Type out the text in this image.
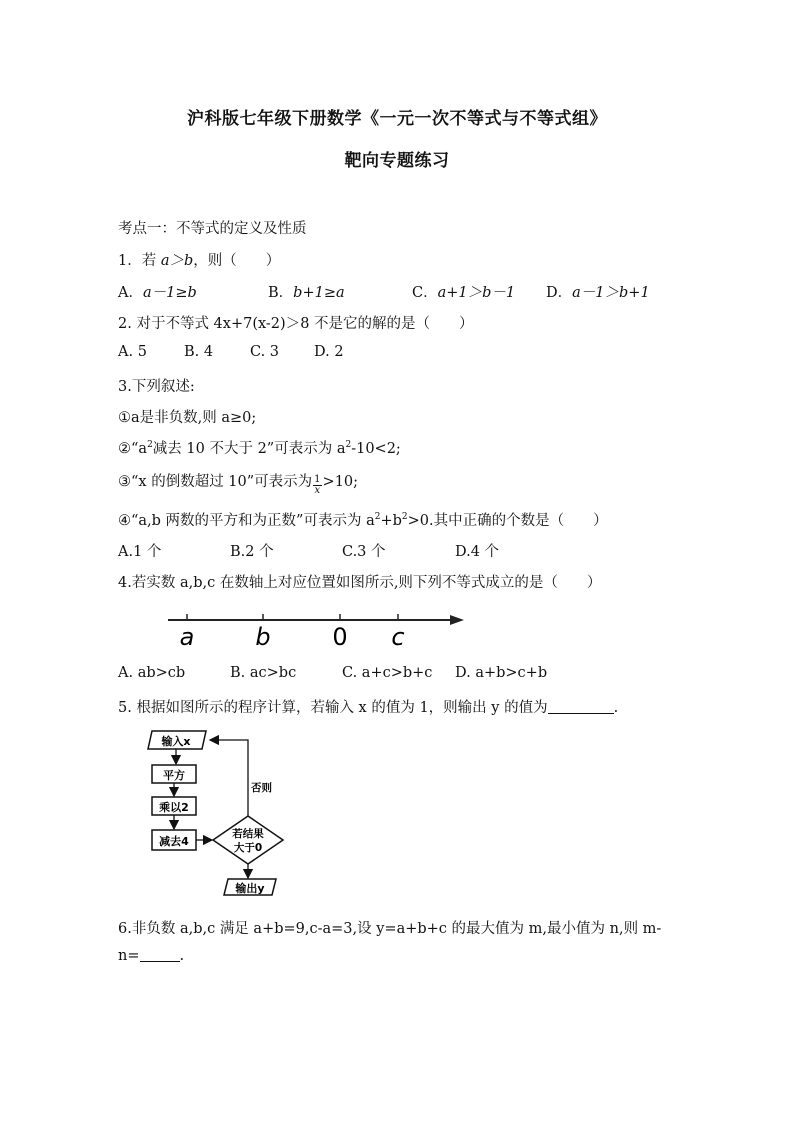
沪科版七年级下册数学《一元一次不等式与不等式组》
靶向专题练习
考点一：不等式的定义及性质
1．若 a＞b，则（　　）
A．a－1≥b	B．b+1≥a	C．a+1＞b－1 D．a－1＞b+1
2. 对于不等式 4x+7(x-2)＞8 不是它的解的是（　　）
A. 5	B. 4	C. 3 D. 2
3.下列叙述:
①a是非负数,则 a≥0;
$②“a^2$减去 10 不大于 2”可表示为 $a^2-10<2$;
③“x 的倒数超过 10”可表示为 $\frac{1}{x} >10$;
④“a,b 两数的平方和为正数”可表示为 $a^2+b^2>0$.其中正确的个数是（　　）
A.1 个	B.2 个	C.3 个	D.4 个
4.若实数 a,b,c 在数轴上对应位置如图所示,则下列不等式成立的是（　　）
a	b	0 c
A. ab>cb	B. ac>bc	C. a+c>b+c D. a+b>c+b
5. 根据如图所示的程序计算，若输入 x 的值为 1，则输出 y 的值为	.
输入x
平方
乘以2
减去4
若结果
大于0
否则
输出y
6.非负数 a,b,c 满足 a+b=9,c-a=3,设 y=a+b+c 的最大值为 m,最小值为 n,则 m-
n=	.
